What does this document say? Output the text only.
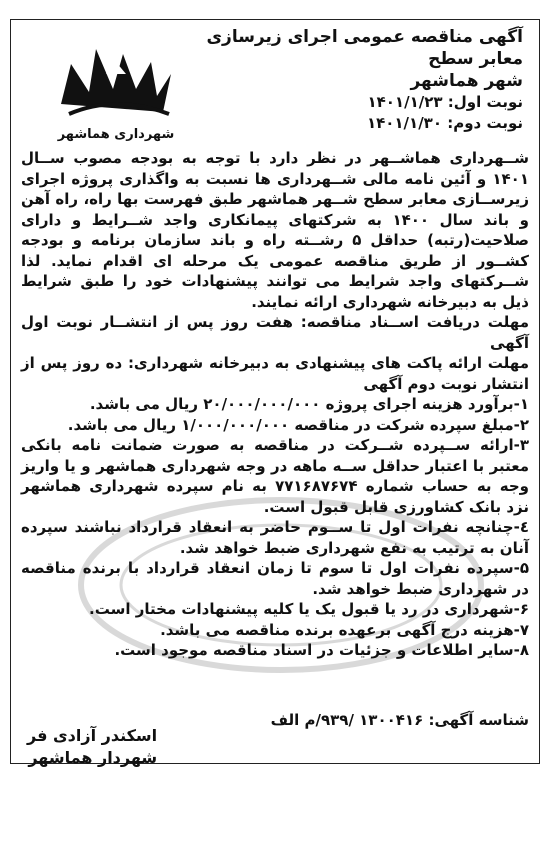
شهرداری هماشهر

آگهی مناقصه عمومی اجرای زیرسازی معابر سطح

شهر هماشهر

نوبت اول: ۱۴۰۱/۱/۲۳
نوبت دوم: ۱۴۰۱/۱/۳۰

شــهرداری هماشــهر در نظر دارد با توجه به بودجه مصوب ســال ۱۴۰۱ و آئین نامه مالی شــهرداری ها نسبت به واگذاری پروژه اجرای زیرســازی معابر سطح شــهر هماشهر طبق فهرست بها راه، راه آهن و باند سال ۱۴۰۰ به شرکتهای پیمانکاری واجد شــرایط و دارای صلاحیت(رتبه) حداقل ۵ رشــته راه و باند سازمان برنامه و بودجه کشــور از طریق مناقصه عمومی یک مرحله ای اقدام نماید. لذا شــرکتهای واجد شرایط می توانند پیشنهادات خود را طبق شرایط ذیل به دبیرخانه شهرداری ارائه نمایند.

مهلت دریافت اســناد مناقصه: هفت روز پس از انتشــار نوبت اول آگهی

مهلت ارائه پاکت های پیشنهادی به دبیرخانه شهرداری: ده روز پس از انتشار نوبت دوم آگهی

۱-برآورد هزینه اجرای پروژه ۲۰/۰۰۰/۰۰۰/۰۰۰ ریال می باشد.

۲-مبلغ سپرده شرکت در مناقصه ۱/۰۰۰/۰۰۰/۰۰۰ ریال می باشد.

۳-ارائه ســپرده شــرکت در مناقصه به صورت ضمانت نامه بانکی معتبر با اعتبار حداقل ســه ماهه در وجه شهرداری هماشهر و یا واریز وجه به حساب شماره ۷۷۱۶۸۷۶۷۴ به نام سپرده شهرداری هماشهر نزد بانک کشاورزی قابل قبول است.

٤-چنانچه نفرات اول تا ســوم حاضر به انعقاد قرارداد نباشند سپرده آنان به ترتیب به نفع شهرداری ضبط خواهد شد.

۵-سپرده نفرات اول تا سوم تا زمان انعقاد قرارداد با برنده مناقصه در شهرداری ضبط خواهد شد.

۶-شهرداری در رد یا قبول یک یا کلیه پیشنهادات مختار است.

۷-هزینه درج آگهی برعهده برنده مناقصه می باشد.

۸-سایر اطلاعات و جزئیات در اسناد مناقصه موجود است.

شناسه آگهی: ۱۳۰۰۴۱۶ /۹۳۹/م الف
اسکندر آزادی فر
شهردار هماشهر
